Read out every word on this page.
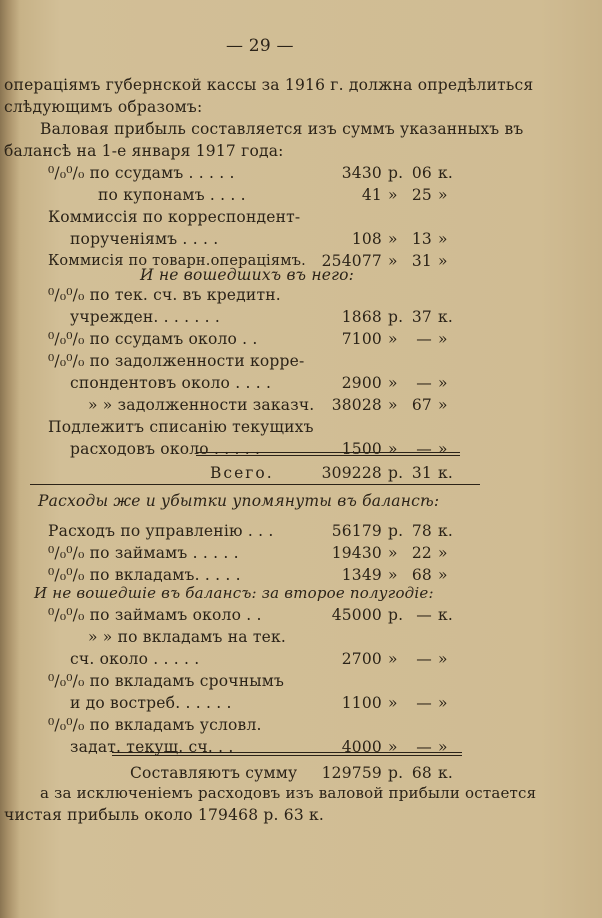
— 29 —
операціямъ губернской кассы за 1916 г. должна опредѣлиться
слѣдующимъ образомъ:
Валовая прибыль составляется изъ суммъ указанныхъ въ
балансѣ на 1-е января 1917 года:
⁰/₀⁰/₀ по ссудамъ . . . . .	3430 р. 06 к.
по купонамъ . . . .	41 » 25 »
Коммиссія по корреспондент-
порученіямъ . . . .	108 » 13 »
Коммисія по товарн.операціямъ.	254077 » 31 »
И не вошедшихъ въ него:
⁰/₀⁰/₀ по тек. сч. въ кредитн.
учрежден. . . . . . .	1868 р. 37 к.
⁰/₀⁰/₀ по ссудамъ около . .	7100 »	— »
⁰/₀⁰/₀ по задолженности корре-
спондентовъ около . . . .	2900 »	— »
» » задолженности заказч.	38028 » 67 »
Подлежитъ списанію текущихъ
расходовъ около . . . . .	1500 »	— »
Всего.	309228 р. 31 к.
Расходы же и убытки упомянуты въ балансѣ:
Расходъ по управленію . . .	56179 р. 78 к.
⁰/₀⁰/₀ по займамъ . . . . .	19430 » 22 »
⁰/₀⁰/₀ по вкладамъ. . . . .	1349 » 68 »
И не вошедшіе въ балансъ: за второе полугодіе:
⁰/₀⁰/₀ по займамъ около . .	45000 р. — к.
» » по вкладамъ на тек.
сч. около . . . . .	2700 »	— »
⁰/₀⁰/₀ по вкладамъ срочнымъ
и до востреб. . . . . .	1100 »	— »
⁰/₀⁰/₀ по вкладамъ условл.
задат. текущ. сч. . .	4000 »	— »
Составляютъ сумму	129759 р. 68 к.
а за исключеніемъ расходовъ изъ валовой прибыли остается
чистая прибыль около 179468 р. 63 к.
